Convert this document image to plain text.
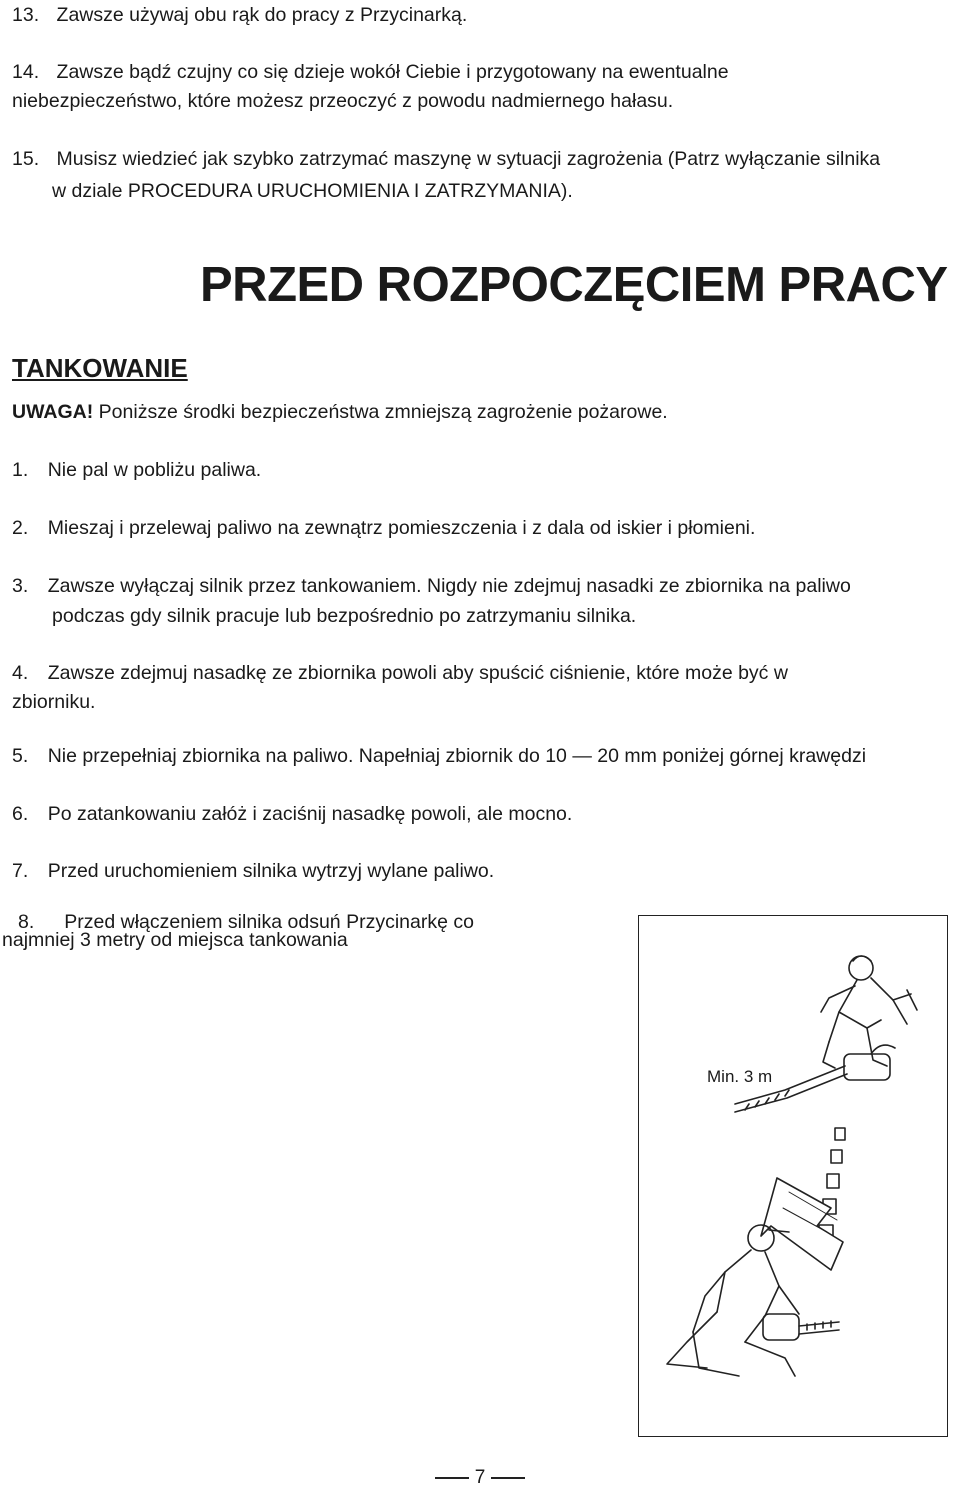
13. Zawsze używaj obu rąk do pracy z Przycinarką.
14. Zawsze bądź czujny co się dzieje wokół Ciebie i przygotowany na ewentualne
niebezpieczeństwo, które możesz przeoczyć z powodu nadmiernego hałasu.
15. Musisz wiedzieć jak szybko zatrzymać maszynę w sytuacji zagrożenia (Patrz wyłączanie silnika
w dziale PROCEDURA URUCHOMIENIA I ZATRZYMANIA).
PRZED ROZPOCZĘCIEM PRACY
TANKOWANIE
UWAGA! Poniższe środki bezpieczeństwa zmniejszą zagrożenie pożarowe.
1. Nie pal w pobliżu paliwa.
2. Mieszaj i przelewaj paliwo na zewnątrz pomieszczenia i z dala od iskier i płomieni.
3. Zawsze wyłączaj silnik przez tankowaniem. Nigdy nie zdejmuj nasadki ze zbiornika na paliwo
podczas gdy silnik pracuje lub bezpośrednio po zatrzymaniu silnika.
4. Zawsze zdejmuj nasadkę ze zbiornika powoli aby spuścić ciśnienie, które może być w
zbiorniku.
5. Nie przepełniaj zbiornika na paliwo. Napełniaj zbiornik do 10 — 20 mm poniżej górnej krawędzi
6. Po zatankowaniu załóż i zaciśnij nasadkę powoli, ale mocno.
7. Przed uruchomieniem silnika wytrzyj wylane paliwo.
8. Przed włączeniem silnika odsuń Przycinarkę co
najmniej 3 metry od miejsca tankowania
Min. 3 m
7
